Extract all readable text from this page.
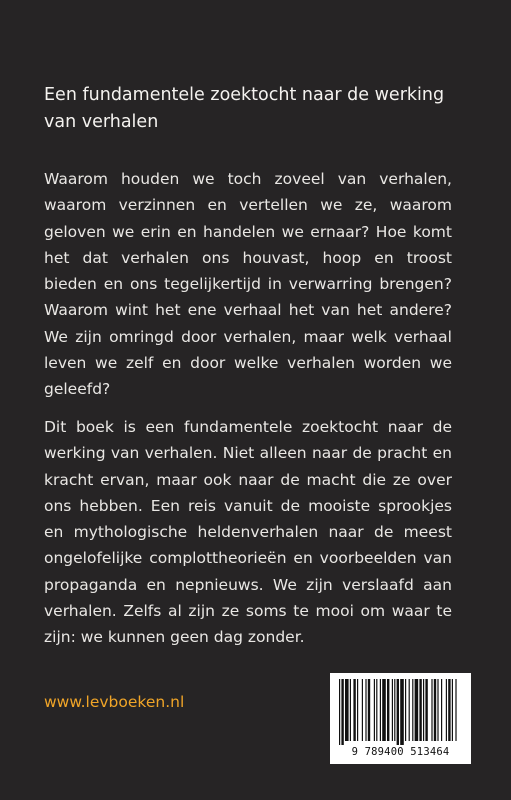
Een fundamentele zoektocht naar de werking van verhalen

Waarom houden we toch zoveel van verhalen, waarom verzinnen en vertellen we ze, waarom geloven we erin en handelen we ernaar? Hoe komt het dat verhalen ons houvast, hoop en troost bieden en ons tegelijkertijd in verwarring brengen? Waarom wint het ene verhaal het van het andere? We zijn omringd door verhalen, maar welk verhaal leven we zelf en door welke verhalen worden we geleefd?

Dit boek is een fundamentele zoektocht naar de werking van verhalen. Niet alleen naar de pracht en kracht ervan, maar ook naar de macht die ze over ons hebben. Een reis vanuit de mooiste sprookjes en mythologische heldenverhalen naar de meest ongelofelijke complottheorieën en voorbeelden van propaganda en nepnieuws. We zijn verslaafd aan verhalen. Zelfs al zijn ze soms te mooi om waar te zijn: we kunnen geen dag zonder.

www.levboeken.nl
9 789400 513464
